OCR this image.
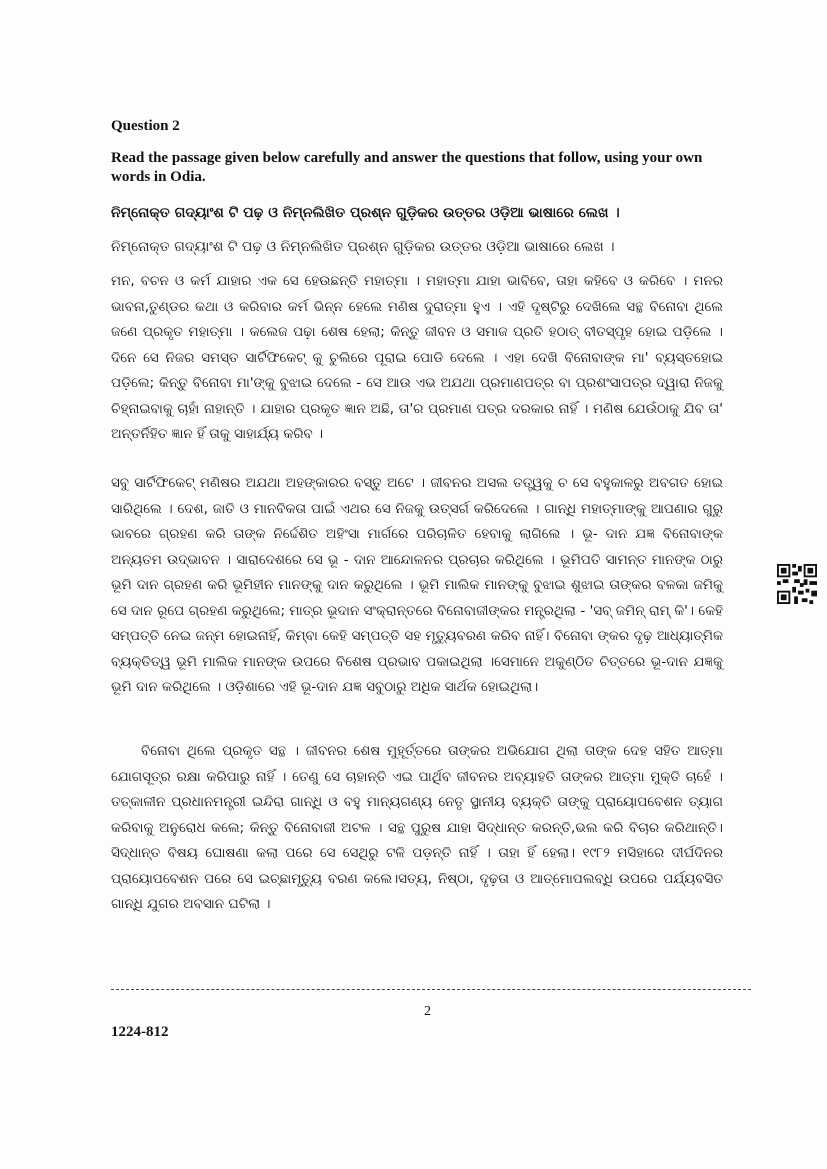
Question 2
Read the passage given below carefully and answer the questions that follow, using your own words in Odia.
ନିମ୍ନୋକ୍ତ ଗଦ୍ୟାଂଶ ଟି ପଢ଼ ଓ ନିମ୍ନଲିଖିତ ପ୍ରଶ୍ନ ଗୁଡ଼ିକର ଉତ୍ତର ଓଡ଼ିଆ ଭାଷାରେ ଲେଖ ।
ନିମ୍ନୋକ୍ତ ଗଦ୍ୟାଂଶ ଟି ପଢ଼ ଓ ନିମ୍ନଲିଖିତ ପ୍ରଶ୍ନ ଗୁଡ଼ିକର ଉତ୍ତର ଓଡ଼ିଆ ଭାଷାରେ ଲେଖ ।
ମନ, ବଚନ ଓ କର୍ମ ଯାହାର ଏକ ସେ ହେଉଛନ୍ତି ମହାତ୍ମା । ମହାତ୍ମା ଯାହା ଭାବିବେ, ତାହା କହିବେ ଓ କରିବେ । ମନର ଭାବନା,ତୁଣ୍ଡର କଥା ଓ କରିବାର କର୍ମ ଭିନ୍ନ ହେଲେ ମଣିଷ ଦୁରାତ୍ମା ହୁଏ । ଏହି ଦୃଷ୍ଟିରୁ ଦେଖିଲେ ସନ୍ଥ ବିନୋବା ଥିଲେ ଜଣେ ପ୍ରକୃତ ମହାତ୍ମା । କଲେଜ ପଢ଼ା ଶେଷ ହେଲା; କିନ୍ତୁ ଜୀବନ ଓ ସମାଜ ପ୍ରତି ହଠାତ୍ ବୀତସ୍ପୃହ ହୋଇ ପଡ଼ିଲେ । ଦିନେ ସେ ନିଜର ସମସ୍ତ ସାର୍ଟିଫିକେଟ୍ କୁ ଚୁଲିରେ ପୂରାଇ ପୋଡି ଦେଲେ । ଏହା ଦେଖି ବିନୋବାଙ୍କ ମା' ବ୍ୟସ୍ତହୋଇ ପଡ଼ିଲେ; କିନ୍ତୁ ବିନୋବା ମା'ଙ୍କୁ ବୁଝାଇ ଦେଲେ - ସେ ଆଉ ଏଭ ଅଯଥା ପ୍ରମାଣପତ୍ର ବା ପ୍ରଶଂସାପତ୍ର ଦ୍ୱାରା ନିଜକୁ ଚିହ୍ନାଇବାକୁ ଚାହାଁ ନାହାନ୍ତି । ଯାହାର ପ୍ରକୃତ ଜ୍ଞାନ ଅଛି, ତା'ର ପ୍ରମାଣ ପତ୍ର ଦରକାର ନାହିଁ । ମଣିଷ ଯେଉଁଠାକୁ ଯିବ ତା' ଅନ୍ତର୍ନିହିତ ଜ୍ଞାନ ହିଁ ତାକୁ ସାହାର୍ଯ୍ୟ କରିବ ।
ସବୁ ସାର୍ଟିଫିକେଟ୍ ମଣିଷର ଅଯଥା ଅହଙ୍କାରର ବସ୍ତୁ ଅଟେ । ଜୀବନର ଅସଲ ତତ୍ତ୍ୱକୁ ଚ ସେ ବହୁକାଳରୁ ଅବଗତ ହୋଇ ସାରିଥିଲେ । ଦେଶ, ଜାତି ଓ ମାନବିକତା ପାଇଁ ଏଥର ସେ ନିଜକୁ ଉତ୍ସର୍ଗ କରିଦେଲେ । ଗାନ୍ଧି ମହାତ୍ମାଙ୍କୁ ଆପଣାର ଗୁରୁ ଭାବରେ ଗ୍ରହଣ କରି ତାଙ୍କ ନିର୍ଦ୍ଦେଶିତ ଅହିଂସା ମାର୍ଗରେ ପରିଚାଳିତ ହେବାକୁ ଲାଗିଲେ । ଭୂ- ଦାନ ଯଜ୍ଞ ବିନୋବାଙ୍କ ଅନ୍ୟତମ ଉଦ୍ଭାବନ । ସାରାଦେଶରେ ସେ ଭୂ - ଦାନ ଆନ୍ଦୋଳନର ପ୍ରଚାର କରିଥିଲେ । ଭୂମିପତି ସାମନ୍ତ ମାନଙ୍କ ଠାରୁ ଭୂମି ଦାନ ଗ୍ରହଣ କରି ଭୂମିହୀନ ମାନଙ୍କୁ ଦାନ କରୁଥିଲେ । ଭୂମି ମାଲିକ ମାନଙ୍କୁ ବୁଝାଇ ଶୁଝାଇ ତାଙ୍କର ବଳକା ଜମିକୁ ସେ ଦାନ ରୂପେ ଗ୍ରହଣ କରୁଥିଲେ; ମାତ୍ର ଭୂଦାନ ସଂକ୍ରାନ୍ତରେ ବିନୋବାଜୀଙ୍କର ମନ୍ତ୍ରଥିଲା - 'ସବ୍ ଜମିନ୍ ରାମ୍ କି'। କେହି ସମ୍ପତ୍ତି ନେଇ ଜନ୍ମ ହୋଇନାହିଁ, କିମ୍ବା କେହି ସମ୍ପତ୍ତି ସହ ମୃତ୍ୟୁବରଣ କରିବ ନାହିଁ। ବିନୋବା ଙ୍କର ଦୃଢ଼ ଆଧ୍ୟାତ୍ମିକ ବ୍ୟକ୍ତିତ୍ୱ ଭୂମି ମାଲିକ ମାନଙ୍କ ଉପରେ ବିଶେଷ ପ୍ରଭାବ ପକାଇଥିଲା ।ସେମାନେ ଅକୁଣ୍ଠିତ ଚିତ୍ତରେ ଭୂ-ଦାନ ଯଜ୍ଞକୁ ଭୂମି ଦାନ କରିଥିଲେ । ଓଡ଼ିଶାରେ ଏହି ଭୂ-ଦାନ ଯଜ୍ଞ ସବୁଠାରୁ ଅଧିକ ସାର୍ଥକ ହୋଇଥିଲା।
ବିନୋବା ଥିଲେ ପ୍ରକୃତ ସନ୍ଥ । ଜୀବନର ଶେଷ ମୁହୂର୍ତ୍ତରେ ତାଙ୍କର ଅଭିଯୋଗ ଥିଲା ତାଙ୍କ ଦେହ ସହିତ ଆତ୍ମା ଯୋଗସୂତ୍ର ରକ୍ଷା କରିପାରୁ ନାହିଁ । ତେଣୁ ସେ ଚାହାନ୍ତି ଏଇ ପାର୍ଥିବ ଜୀବନର ଅବ୍ୟାହତି ତାଙ୍କର ଆତ୍ମା ମୁକ୍ତି ଚାହେଁ ।ତତ୍କାଳୀନ ପ୍ରଧାନମନ୍ତ୍ରୀ ଇନ୍ଦିରା ଗାନ୍ଧି ଓ ବହୁ ମାନ୍ୟଗଣ୍ୟ ନେତୃ ସ୍ଥାନୀୟ ବ୍ୟକ୍ତି ତାଙ୍କୁ ପ୍ରାୟୋପବେଶନ ତ୍ୟାଗ କରିବାକୁ ଅନୁରୋଧ କଲେ; କିନ୍ତୁ ବିନୋବାଜୀ ଅଟଳ । ସନ୍ଥ ପୁରୁଷ ଯାହା ସିଦ୍ଧାନ୍ତ କରନ୍ତି,ଭଲ କରି ବିଚାର କରିଥାନ୍ତି। ସିଦ୍ଧାନ୍ତ ବିଷୟ ଘୋଷଣା କଲା ପରେ ସେ ସେଥିରୁ ଟଳି ପଡ଼ନ୍ତି ନାହିଁ । ତାହା ହିଁ ହେଲା। ୧୯୮୨ ମସିହାରେ ଦୀର୍ଘଦିନର ପ୍ରାୟୋପବେଶନ ପରେ ସେ ଇଚ୍ଛାମୃତ୍ୟୁ ବରଣ କଲେ।ସତ୍ୟ, ନିଷ୍ଠା, ଦୃଢ଼ତା ଓ ଆତ୍ମୋପଲବ୍ଧି ଉପରେ ପର୍ଯ୍ୟବସିତ ଗାନ୍ଧି ଯୁଗର ଅବସାନ ଘଟିଲା ।
2
1224-812
